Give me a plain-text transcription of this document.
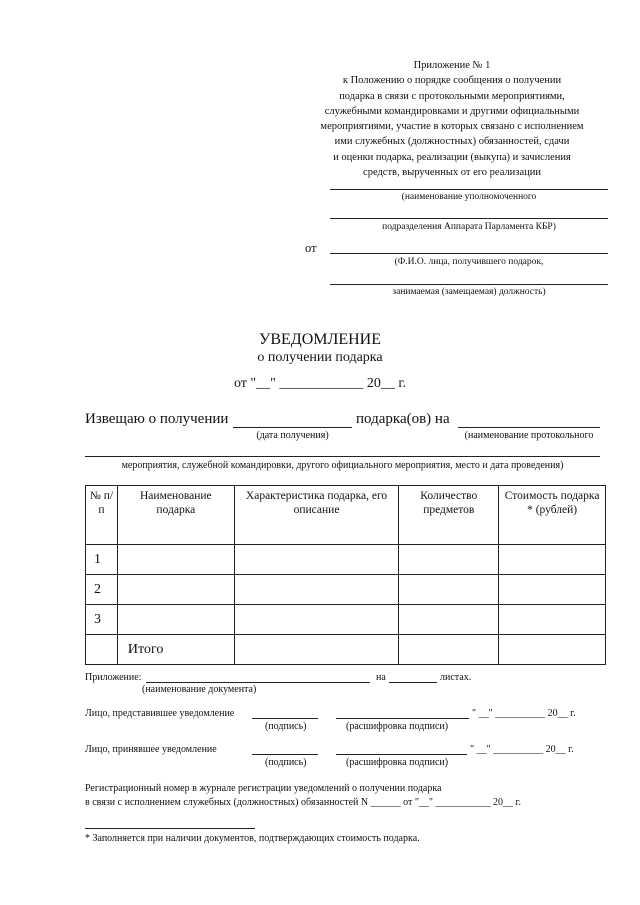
Приложение № 1
к Положению о порядке сообщения о получении
подарка в связи с протокольными мероприятиями,
служебными командировками и другими официальными
мероприятиями, участие в которых связано с исполнением
ими служебных (должностных) обязанностей, сдачи
и оценки подарка, реализации (выкупа) и зачисления
средств, вырученных от его реализации
(наименование уполномоченного
подразделения Аппарата Парламента КБР)
от
(Ф.И.О. лица, получившего подарок,
занимаемая (замещаемая) должность)
УВЕДОМЛЕНИЕ
о получении подарка
от "__" ____________ 20__ г.
Извещаю о получении	подарка(ов) на
(дата получения)	(наименование протокольного
мероприятия, служебной командировки, другого официального мероприятия, место и дата проведения)
№ п/п	Наименование подарка	Характеристика подарка, его описание	Количество предметов	Стоимость подарка * (рублей)
1				
2				
3				
	Итого			
Приложение:	на	листах.
(наименование документа)
Лицо, представившее уведомление	" __" __________ 20__ г.
(подпись)	(расшифровка подписи)
Лицо, принявшее уведомление	" __" __________ 20__ г.
(подпись)	(расшифровка подписи)
Регистрационный номер в журнале регистрации уведомлений о получении подарка
в связи с исполнением служебных (должностных) обязанностей N ______ от "__" ___________ 20__ г.
* Заполняется при наличии документов, подтверждающих стоимость подарка.
